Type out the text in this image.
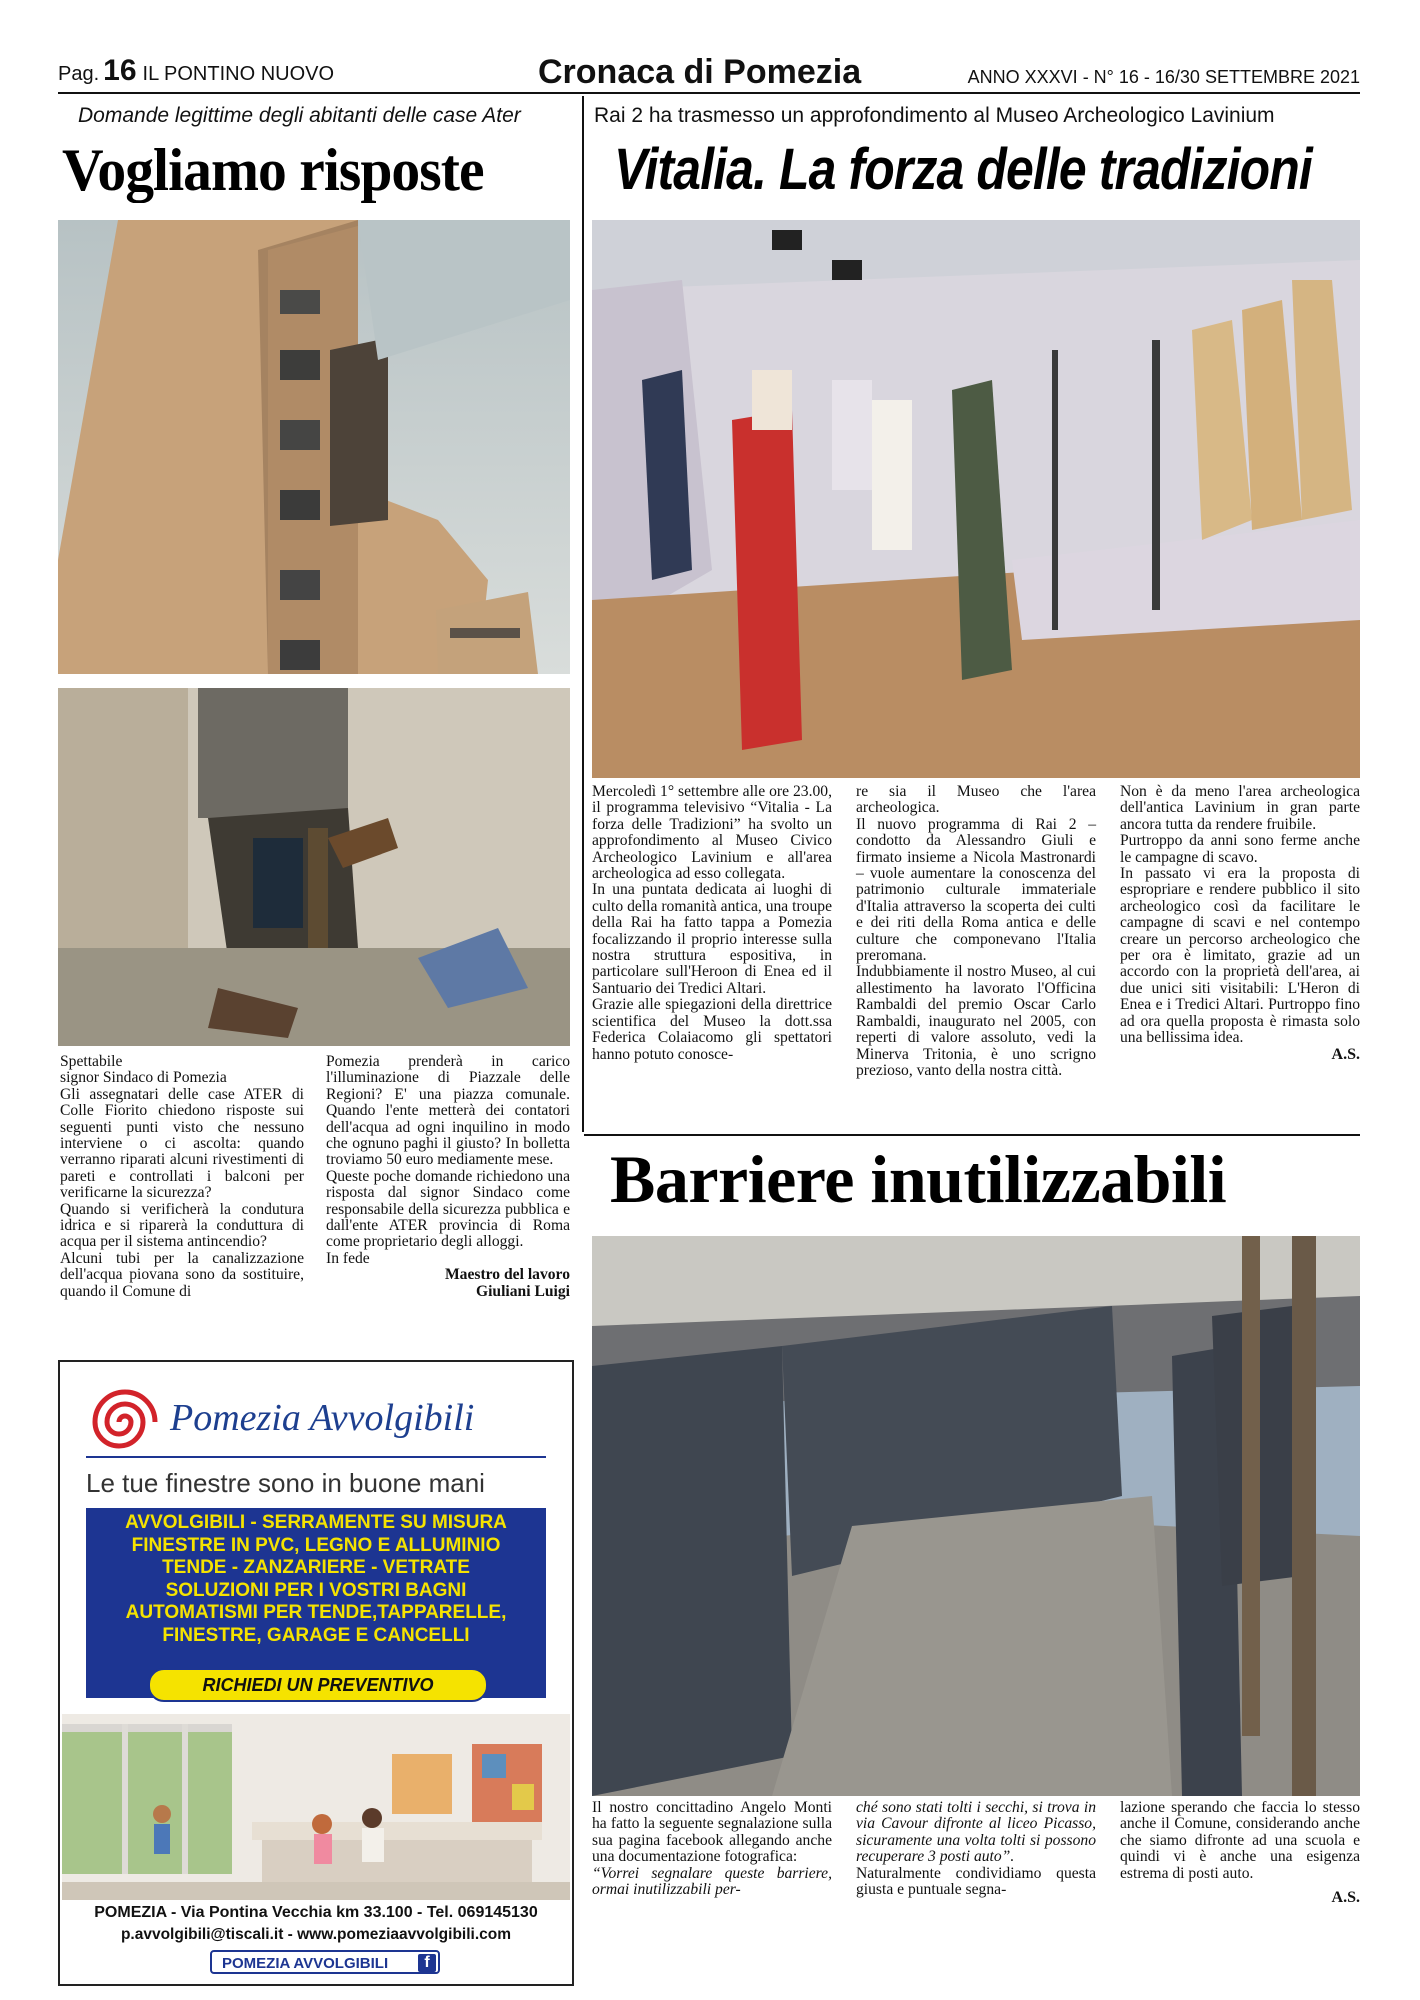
Pag. 16 IL PONTINO NUOVO	Cronaca di Pomezia	ANNO XXXVI - N° 16 - 16/30 SETTEMBRE 2021
Domande legittime degli abitanti delle case Ater
Vogliamo risposte

Spettabile

signor Sindaco di Pomezia

Gli assegnatari delle case ATER di Colle Fiorito chiedono risposte sui seguenti punti visto che nessuno interviene o ci ascolta: quando verranno riparati alcuni rivestimenti di pareti e controllati i balconi per verificarne la sicurezza?

Quando si verificherà la condutura idrica e si riparerà la conduttura di acqua per il sistema antincendio?

Alcuni tubi per la canalizzazione dell'acqua piovana sono da sostituire, quando il Comune di

Pomezia prenderà in carico l'illuminazione di Piazzale delle Regioni? E' una piazza comunale. Quando l'ente metterà dei contatori dell'acqua ad ogni inquilino in modo che ognuno paghi il giusto? In bolletta troviamo 50 euro mediamente mese.

Queste poche domande richiedono una risposta dal signor Sindaco come responsabile della sicurezza pubblica e dall'ente ATER provincia di Roma come proprietario degli alloggi.

In fede

Maestro del lavoro

Giuliani Luigi

Rai 2 ha trasmesso un approfondimento al Museo Archeologico Lavinium
Vitalia. La forza delle tradizioni

Mercoledì 1° settembre alle ore 23.00, il programma televisivo “Vitalia - La forza delle Tradizioni” ha svolto un approfondimento al Museo Civico Archeologico Lavinium e all'area archeologica ad esso collegata.

In una puntata dedicata ai luoghi di culto della romanità antica, una troupe della Rai ha fatto tappa a Pomezia focalizzando il proprio interesse sulla nostra struttura espositiva, in particolare sull'Heroon di Enea ed il Santuario dei Tredici Altari.

Grazie alle spiegazioni della direttrice scientifica del Museo la dott.ssa Federica Colaiacomo gli spettatori hanno potuto conosce-

re sia il Museo che l'area archeologica.

Il nuovo programma di Rai 2 – condotto da Alessandro Giuli e firmato insieme a Nicola Mastronardi – vuole aumentare la conoscenza del patrimonio culturale immateriale d'Italia attraverso la scoperta dei culti e dei riti della Roma antica e delle culture che componevano l'Italia preromana.

Indubbiamente il nostro Museo, al cui allestimento ha lavorato l'Officina Rambaldi del premio Oscar Carlo Rambaldi, inaugurato nel 2005, con reperti di valore assoluto, vedi la Minerva Tritonia, è uno scrigno prezioso, vanto della nostra città.

Non è da meno l'area archeologica dell'antica Lavinium in gran parte ancora tutta da rendere fruibile.

Purtroppo da anni sono ferme anche le campagne di scavo.

In passato vi era la proposta di espropriare e rendere pubblico il sito archeologico così da facilitare le campagne di scavi e nel contempo creare un percorso archeologico che per ora è limitato, grazie ad un accordo con la proprietà dell'area, ai due unici siti visitabili: L'Heron di Enea e i Tredici Altari. Purtroppo fino ad ora quella proposta è rimasta solo una bellissima idea.

A.S.

Barriere inutilizzabili

Il nostro concittadino Angelo Monti ha fatto la seguente segnalazione sulla sua pagina facebook allegando anche una documentazione fotografica:

“Vorrei segnalare queste barriere, ormai inutilizzabili per-

ché sono stati tolti i secchi, si trova in via Cavour difronte al liceo Picasso, sicuramente una volta tolti si possono recuperare 3 posti auto”.

Naturalmente condividiamo questa giusta e puntuale segna-

lazione sperando che faccia lo stesso anche il Comune, considerando anche che siamo difronte ad una scuola e quindi vi è anche una esigenza estrema di posti auto.

A.S.

Pomezia Avvolgibili
Le tue finestre sono in buone mani
AVVOLGIBILI - SERRAMENTE SU MISURA
FINESTRE IN PVC, LEGNO E ALLUMINIO
TENDE - ZANZARIERE - VETRATE
SOLUZIONI PER I VOSTRI BAGNI
AUTOMATISMI PER TENDE,TAPPARELLE,
FINESTRE, GARAGE E CANCELLI
RICHIEDI UN PREVENTIVO
POMEZIA - Via Pontina Vecchia km 33.100 - Tel. 069145130
p.avvolgibili@tiscali.it - www.pomeziaavvolgibili.com
POMEZIA AVVOLGIBILI	f
